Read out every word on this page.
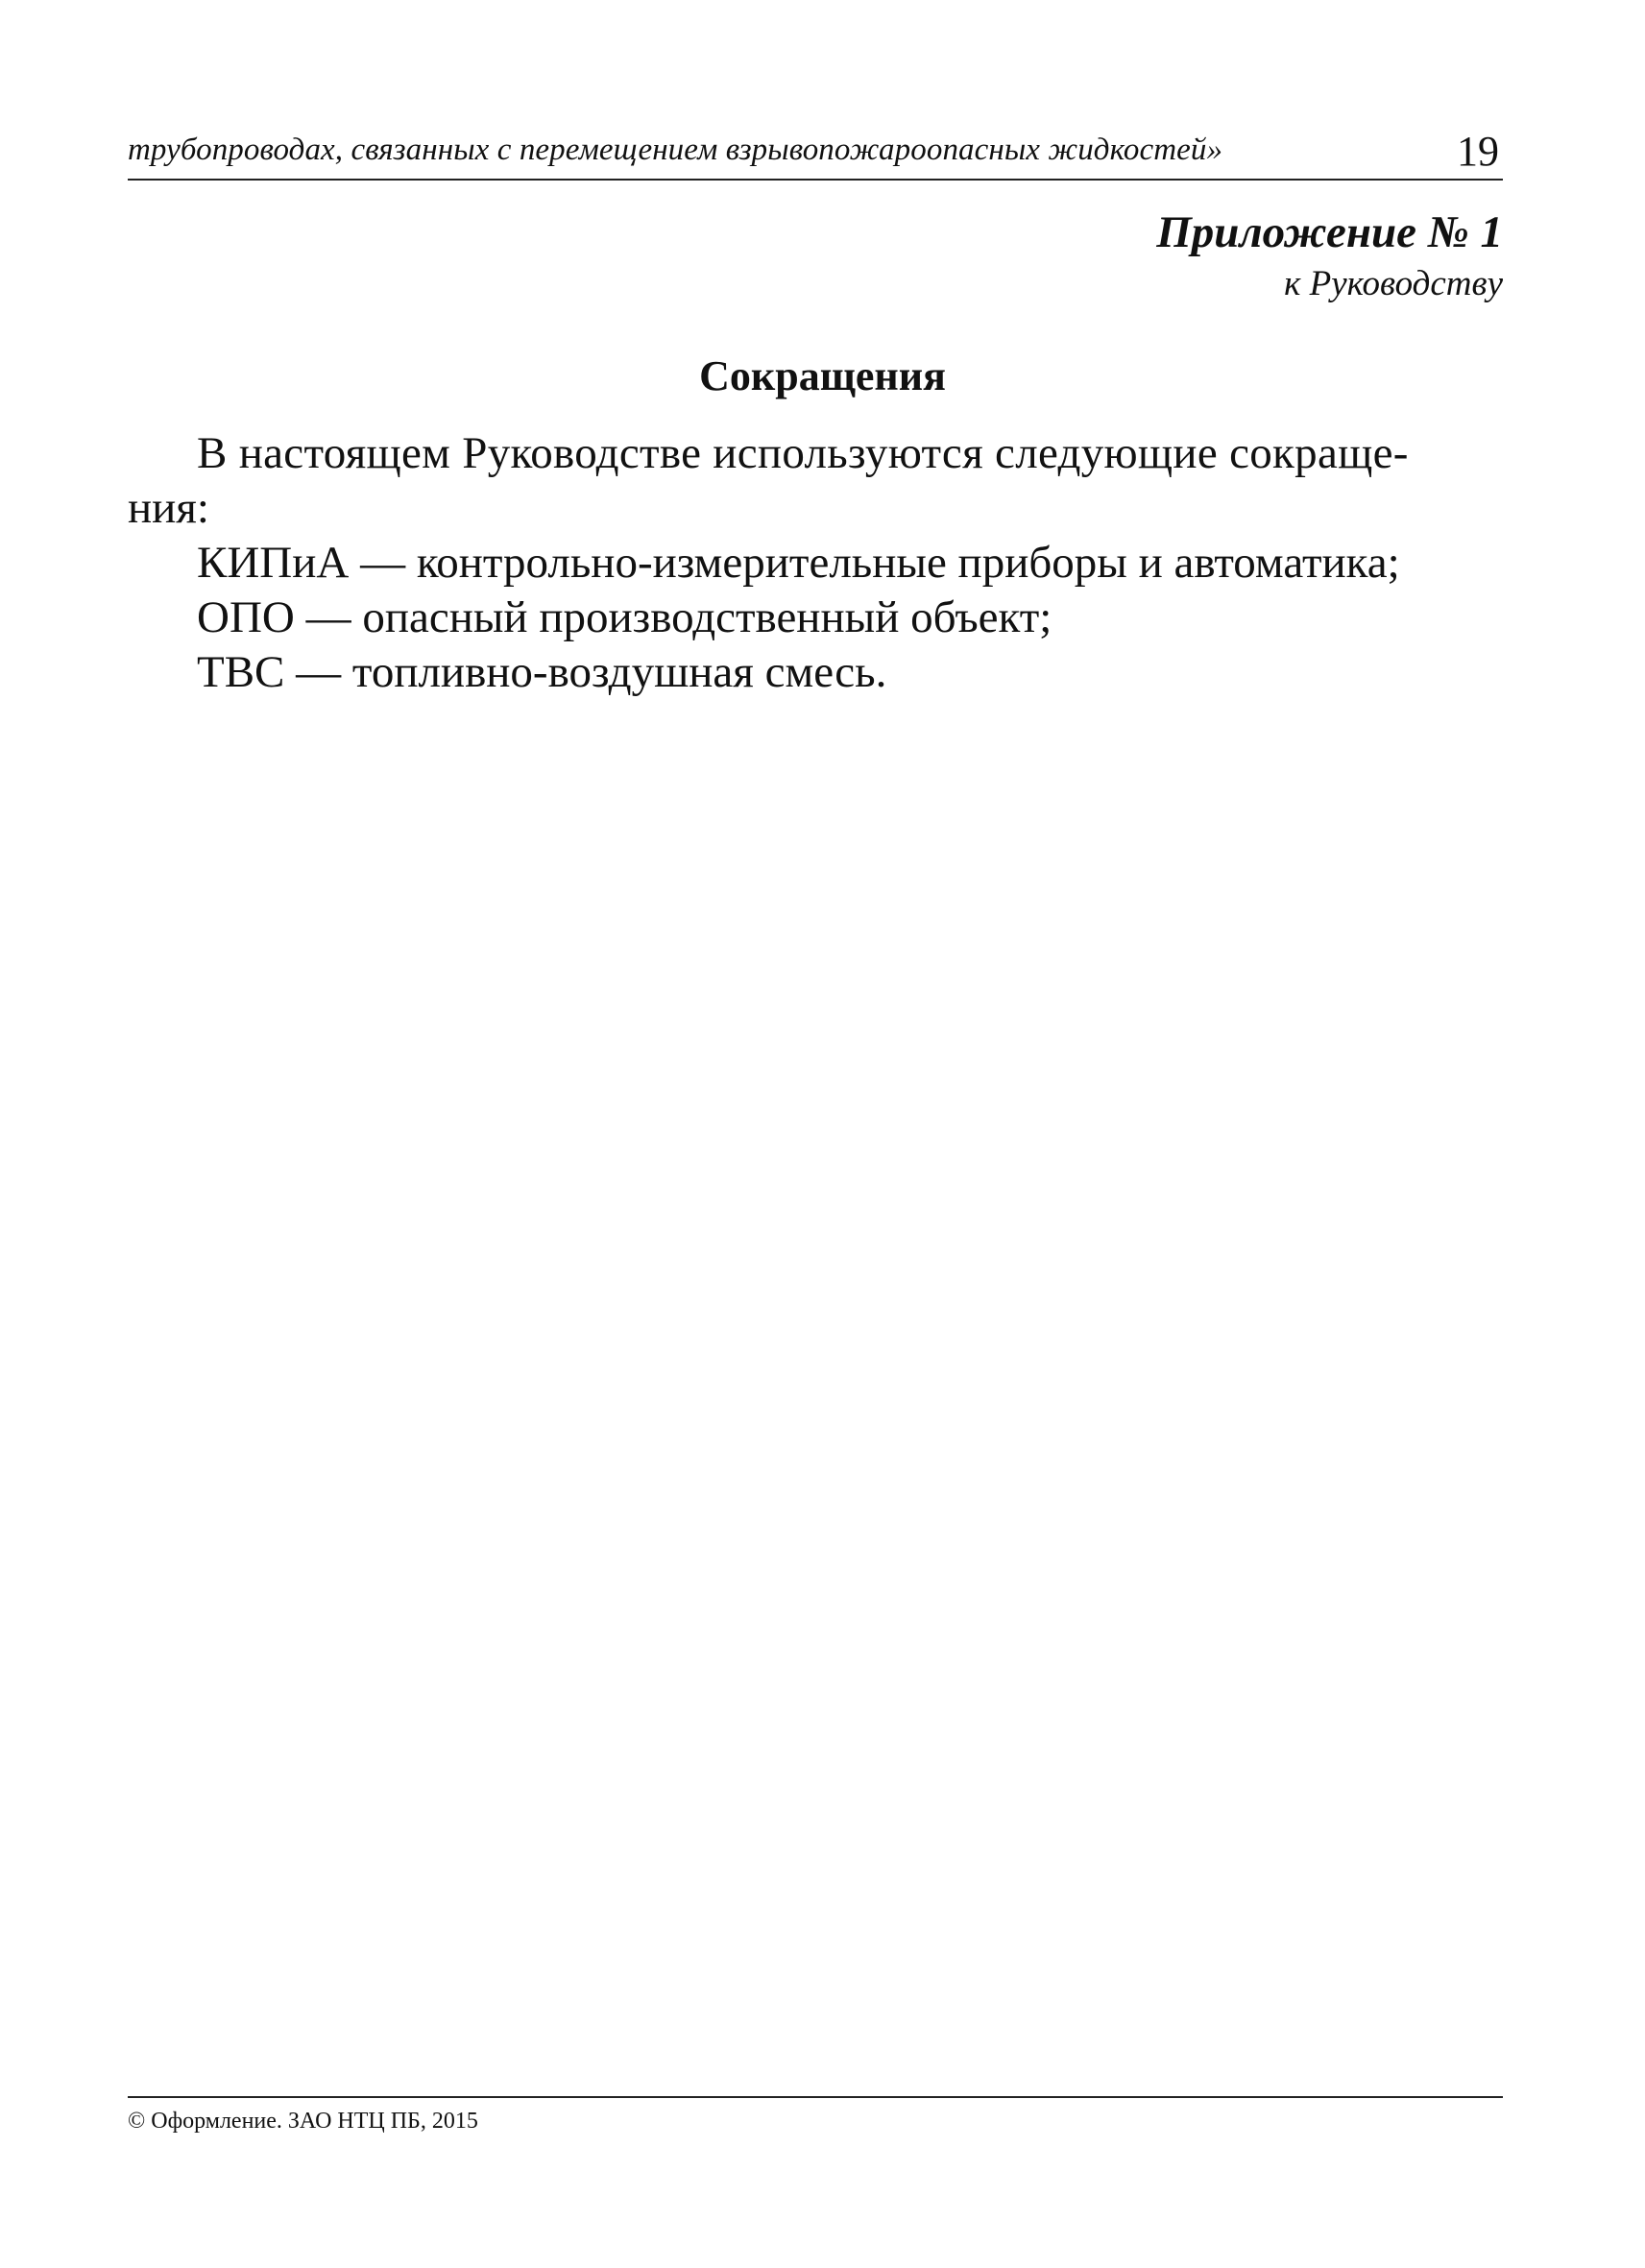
трубопроводах, связанных с перемещением взрывопожароопасных жидкостей»	19
Приложение № 1
к Руководству
Сокращения
В настоящем Руководстве используются следующие сокраще-
ния:
КИПиА — контрольно-измерительные приборы и автоматика;
ОПО — опасный производственный объект;
ТВС — топливно-воздушная смесь.
© Оформление. ЗАО НТЦ ПБ, 2015
